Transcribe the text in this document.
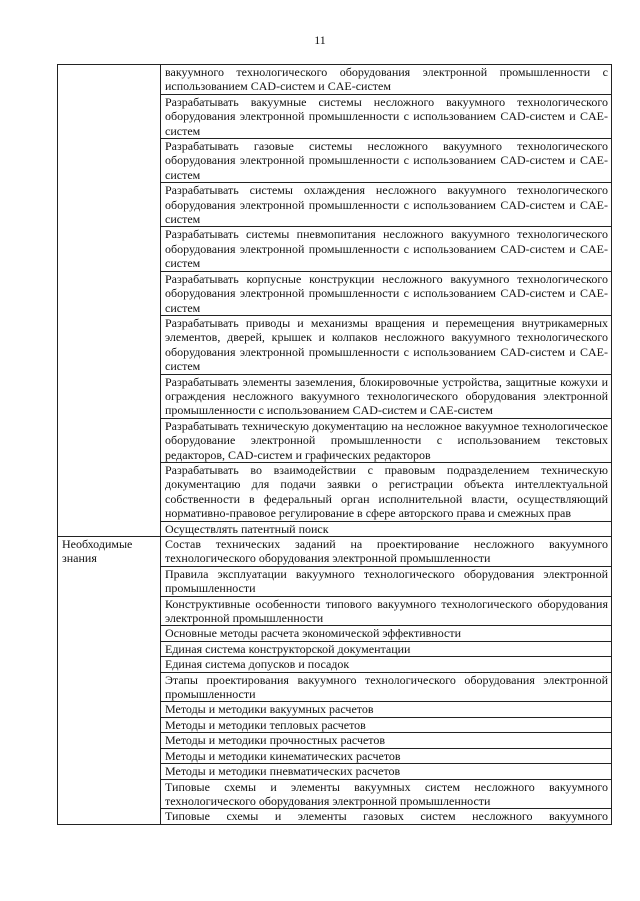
11
	вакуумного технологического оборудования электронной промышленности с использованием CAD-систем и CAE-систем
	Разрабатывать вакуумные системы несложного вакуумного технологического оборудования электронной промышленности с использованием CAD-систем и CAE-систем
	Разрабатывать газовые системы несложного вакуумного технологического оборудования электронной промышленности с использованием CAD-систем и CAE-систем
	Разрабатывать системы охлаждения несложного вакуумного технологического оборудования электронной промышленности с использованием CAD-систем и CAE-систем
	Разрабатывать системы пневмопитания несложного вакуумного технологического оборудования электронной промышленности с использованием CAD-систем и CAE-систем
	Разрабатывать корпусные конструкции несложного вакуумного технологического оборудования электронной промышленности с использованием CAD-систем и CAE-систем
	Разрабатывать приводы и механизмы вращения и перемещения внутрикамерных элементов, дверей, крышек и колпаков несложного вакуумного технологического оборудования электронной промышленности с использованием CAD-систем и CAE-систем
	Разрабатывать элементы заземления, блокировочные устройства, защитные кожухи и ограждения несложного вакуумного технологического оборудования электронной промышленности с использованием CAD-систем и CAE-систем
	Разрабатывать техническую документацию на несложное вакуумное технологическое оборудование электронной промышленности с использованием текстовых редакторов, CAD-систем и графических редакторов
	Разрабатывать во взаимодействии с правовым подразделением техническую документацию для подачи заявки о регистрации объекта интеллектуальной собственности в федеральный орган исполнительной власти, осуществляющий нормативно-правовое регулирование в сфере авторского права и смежных прав
	Осуществлять патентный поиск
Необходимые знания	Состав технических заданий на проектирование несложного вакуумного технологического оборудования электронной промышленности
	Правила эксплуатации вакуумного технологического оборудования электронной промышленности
	Конструктивные особенности типового вакуумного технологического оборудования электронной промышленности
	Основные методы расчета экономической эффективности
	Единая система конструкторской документации
	Единая система допусков и посадок
	Этапы проектирования вакуумного технологического оборудования электронной промышленности
	Методы и методики вакуумных расчетов
	Методы и методики тепловых расчетов
	Методы и методики прочностных расчетов
	Методы и методики кинематических расчетов
	Методы и методики пневматических расчетов
	Типовые схемы и элементы вакуумных систем несложного вакуумного технологического оборудования электронной промышленности
	Типовые схемы и элементы газовых систем несложного вакуумного
